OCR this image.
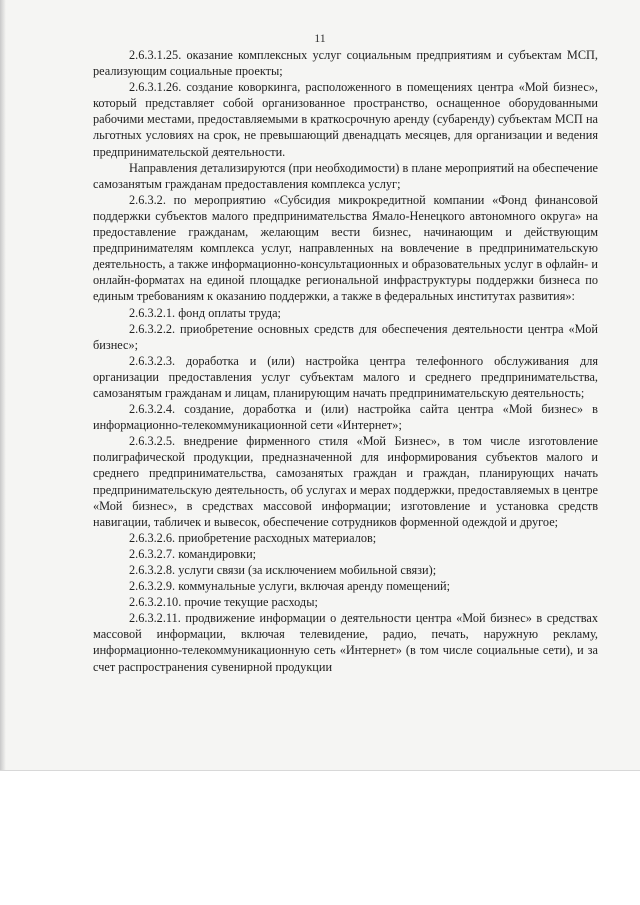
11

2.6.3.1.25. оказание комплексных услуг социальным предприятиям и субъектам МСП, реализующим социальные проекты;

2.6.3.1.26. создание коворкинга, расположенного в помещениях центра «Мой бизнес», который представляет собой организованное пространство, оснащенное оборудованными рабочими местами, предоставляемыми в краткосрочную аренду (субаренду) субъектам МСП на льготных условиях на срок, не превышающий двенадцать месяцев, для организации и ведения предпринимательской деятельности.

Направления детализируются (при необходимости) в плане мероприятий на обеспечение самозанятым гражданам предоставления комплекса услуг;

2.6.3.2. по мероприятию «Субсидия микрокредитной компании «Фонд финансовой поддержки субъектов малого предпринимательства Ямало-Ненецкого автономного округа» на предоставление гражданам, желающим вести бизнес, начинающим и действующим предпринимателям комплекса услуг, направленных на вовлечение в предпринимательскую деятельность, а также информационно-консультационных и образовательных услуг в офлайн- и онлайн-форматах на единой площадке региональной инфраструктуры поддержки бизнеса по единым требованиям к оказанию поддержки, а также в федеральных институтах развития»:

2.6.3.2.1. фонд оплаты труда;

2.6.3.2.2. приобретение основных средств для обеспечения деятельности центра «Мой бизнес»;

2.6.3.2.3. доработка и (или) настройка центра телефонного обслуживания для организации предоставления услуг субъектам малого и среднего предпринимательства, самозанятым гражданам и лицам, планирующим начать предпринимательскую деятельность;

2.6.3.2.4. создание, доработка и (или) настройка сайта центра «Мой бизнес» в информационно-телекоммуникационной сети «Интернет»;

2.6.3.2.5. внедрение фирменного стиля «Мой Бизнес», в том числе изготовление полиграфической продукции, предназначенной для информирования субъектов малого и среднего предпринимательства, самозанятых граждан и граждан, планирующих начать предпринимательскую деятельность, об услугах и мерах поддержки, предоставляемых в центре «Мой бизнес», в средствах массовой информации; изготовление и установка средств навигации, табличек и вывесок, обеспечение сотрудников форменной одеждой и другое;

2.6.3.2.6. приобретение расходных материалов;

2.6.3.2.7. командировки;

2.6.3.2.8. услуги связи (за исключением мобильной связи);

2.6.3.2.9. коммунальные услуги, включая аренду помещений;

2.6.3.2.10. прочие текущие расходы;

2.6.3.2.11. продвижение информации о деятельности центра «Мой бизнес» в средствах массовой информации, включая телевидение, радио, печать, наружную рекламу, информационно-телекоммуникационную сеть «Интернет» (в том числе социальные сети), и за счет распространения сувенирной продукции
